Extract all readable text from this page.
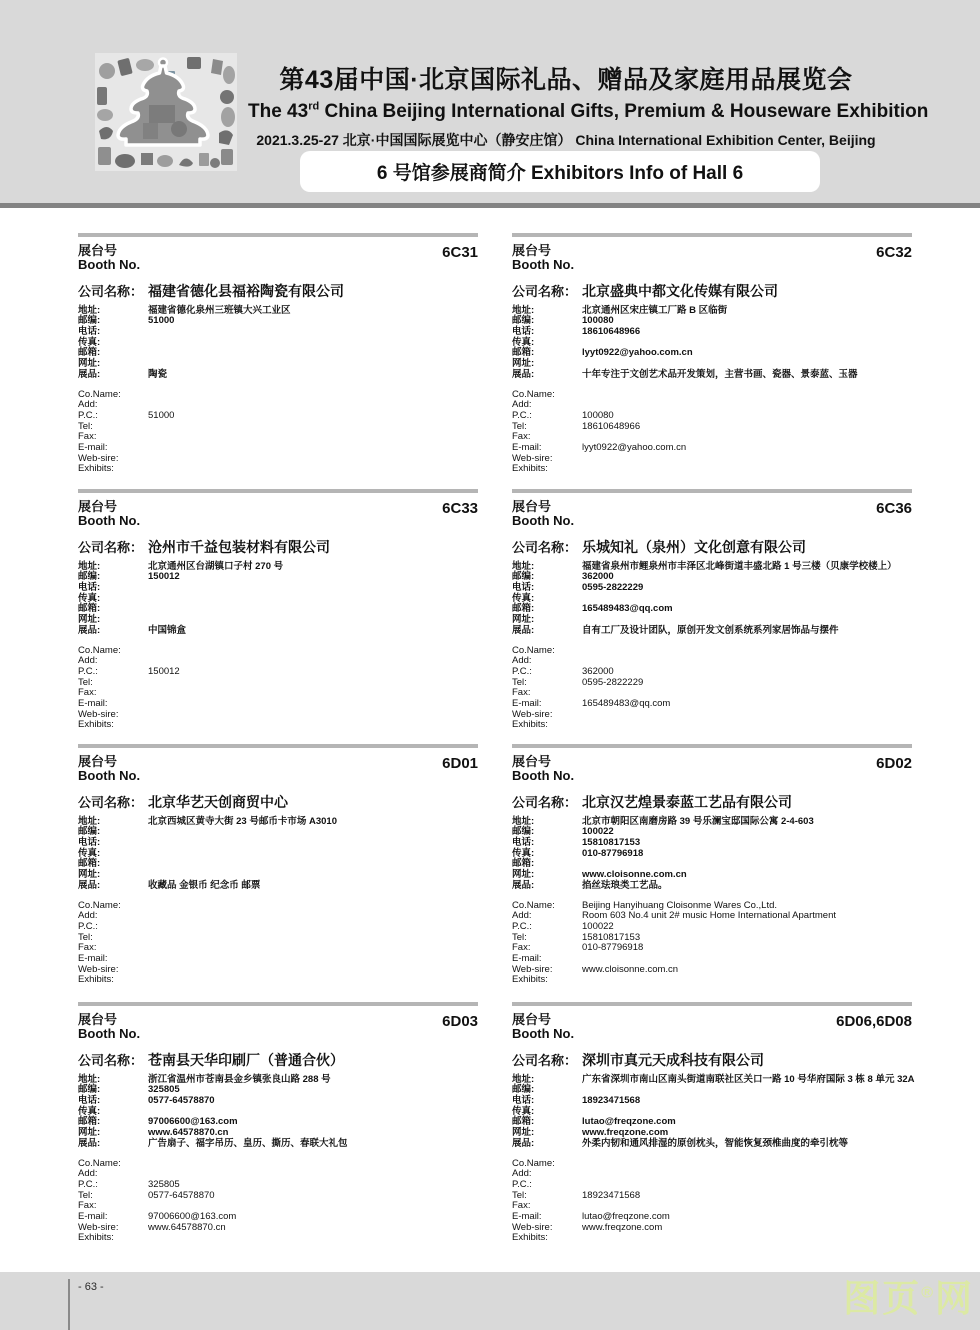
第43届中国·北京国际礼品、赠品及家庭用品展览会
The 43rd China Beijing International Gifts, Premium & Houseware Exhibition
2021.3.25-27 北京·中国国际展览中心（静安庄馆） China International Exhibition Center, Beijing
6 号馆参展商简介 Exhibitors Info of Hall 6
展台号
Booth No.
6C31
公司名称： 福建省德化县福裕陶瓷有限公司
地址:	福建省德化泉州三班镇大兴工业区
邮编:	51000
电话:
传真:
邮箱:
网址:
展品:	陶瓷
Co.Name:
Add:
P.C.:	51000
Tel:
Fax:
E-mail:
Web-sire:
Exhibits:
展台号
Booth No.
6C32
公司名称： 北京盛典中都文化传媒有限公司
地址:	北京通州区宋庄镇工厂路 B 区临街
邮编:	100080
电话:	18610648966
传真:
邮箱:	lyyt0922@yahoo.com.cn
网址:
展品:	十年专注于文创艺术品开发策划，主营书画、瓷器、景泰蓝、玉器
Co.Name:
Add:
P.C.:	100080
Tel:	18610648966
Fax:
E-mail:	lyyt0922@yahoo.com.cn
Web-sire:
Exhibits:
展台号
Booth No.
6C33
公司名称： 沧州市千益包装材料有限公司
地址:	北京通州区台湖镇口子村 270 号
邮编:	150012
电话:
传真:
邮箱:
网址:
展品:	中国锦盒
Co.Name:
Add:
P.C.:	150012
Tel:
Fax:
E-mail:
Web-sire:
Exhibits:
展台号
Booth No.
6C36
公司名称： 乐城知礼（泉州）文化创意有限公司
地址:	福建省泉州市鲤泉州市丰泽区北峰街道丰盛北路 1 号三楼（贝康学校楼上）
邮编:	362000
电话:	0595-2822229
传真:
邮箱:	165489483@qq.com
网址:
展品:	自有工厂及设计团队，原创开发文创系统系列家居饰品与摆件
Co.Name:
Add:
P.C.:	362000
Tel:	0595-2822229
Fax:
E-mail:	165489483@qq.com
Web-sire:
Exhibits:
展台号
Booth No.
6D01
公司名称： 北京华艺天创商贸中心
地址:	北京西城区黄寺大街 23 号邮币卡市场 A3010
邮编:
电话:
传真:
邮箱:
网址:
展品:	收藏品 金银币 纪念币 邮票
Co.Name:
Add:
P.C.:
Tel:
Fax:
E-mail:
Web-sire:
Exhibits:
展台号
Booth No.
6D02
公司名称： 北京汉艺煌景泰蓝工艺品有限公司
地址:	北京市朝阳区南磨房路 39 号乐澜宝邸国际公寓 2-4-603
邮编:	100022
电话:	15810817153
传真:	010-87796918
邮箱:
网址:	www.cloisonne.com.cn
展品:	掐丝珐琅类工艺品。
Co.Name:	Beijing Hanyihuang Cloisonme Wares Co.,Ltd.
Add:	Room 603 No.4 unit 2# music Home International Apartment
P.C.:	100022
Tel:	15810817153
Fax:	010-87796918
E-mail:
Web-sire:	www.cloisonne.com.cn
Exhibits:
展台号
Booth No.
6D03
公司名称： 苍南县天华印刷厂（普通合伙）
地址:	浙江省温州市苍南县金乡镇张良山路 288 号
邮编:	325805
电话:	0577-64578870
传真:
邮箱:	97006600@163.com
网址:	www.64578870.cn
展品:	广告扇子、福字吊历、皇历、撕历、春联大礼包
Co.Name:
Add:
P.C.:	325805
Tel:	0577-64578870
Fax:
E-mail:	97006600@163.com
Web-sire:	www.64578870.cn
Exhibits:
展台号
Booth No.
6D06,6D08
公司名称： 深圳市真元天成科技有限公司
地址:	广东省深圳市南山区南头街道南联社区关口一路 10 号华府国际 3 栋 8 单元 32A
邮编:
电话:	18923471568
传真:
邮箱:	lutao@freqzone.com
网址:	www.freqzone.com
展品:	外柔内韧和通风排湿的原创枕头，智能恢复颈椎曲度的牵引枕等
Co.Name:
Add:
P.C.:
Tel:	18923471568
Fax:
E-mail:	lutao@freqzone.com
Web-sire:	www.freqzone.com
Exhibits:
- 63 -	图页®网
